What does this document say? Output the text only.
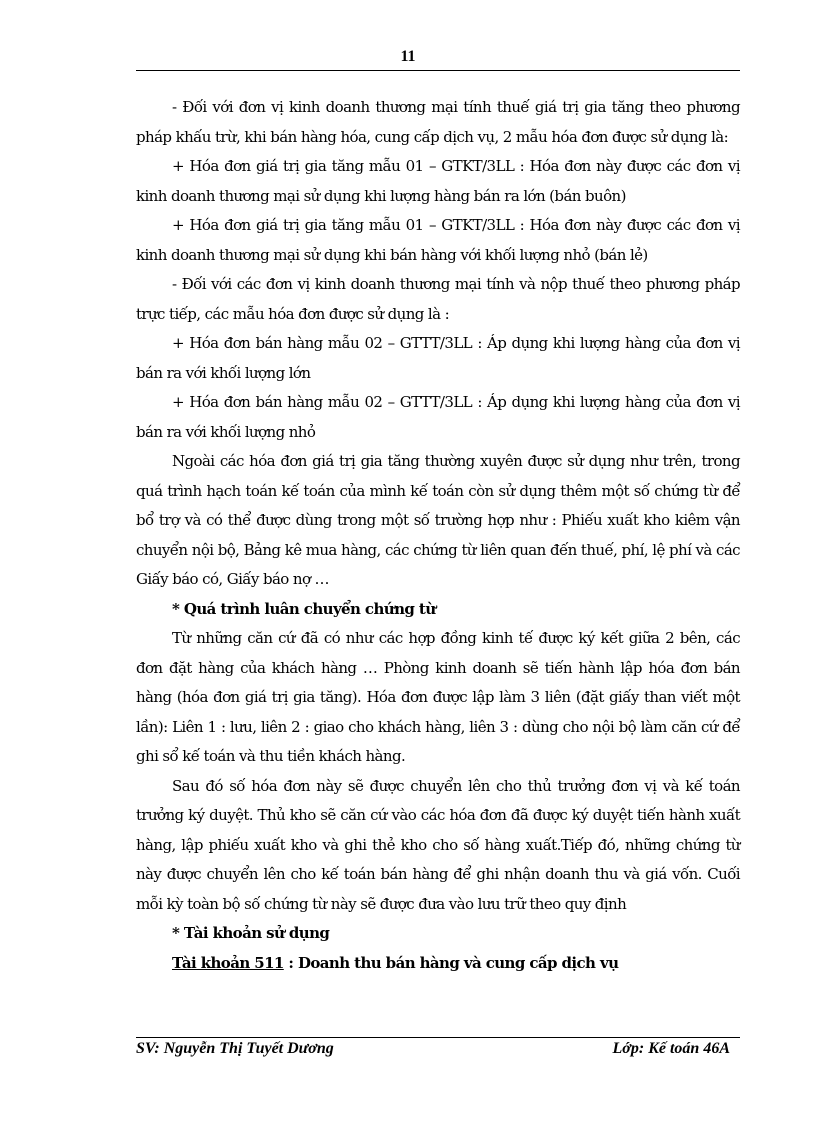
11

- Đối với đơn vị kinh doanh thương mại tính thuế giá trị gia tăng theo phương pháp khấu trừ, khi bán hàng hóa, cung cấp dịch vụ, 2 mẫu hóa đơn được sử dụng là:

+ Hóa đơn giá trị gia tăng mẫu 01 – GTKT/3LL : Hóa đơn này được các đơn vị kinh doanh thương mại sử dụng khi lượng hàng bán ra lớn (bán buôn)

+ Hóa đơn giá trị gia tăng mẫu 01 – GTKT/3LL : Hóa đơn này được các đơn vị kinh doanh thương mại sử dụng khi bán hàng với khối lượng nhỏ (bán lẻ)

- Đối với các đơn vị kinh doanh thương mại tính và nộp thuế theo phương pháp trực tiếp, các mẫu hóa đơn được sử dụng là :

+ Hóa đơn bán hàng mẫu 02 – GTTT/3LL : Áp dụng khi lượng hàng của đơn vị bán ra với khối lượng lớn

+ Hóa đơn bán hàng mẫu 02 – GTTT/3LL : Áp dụng khi lượng hàng của đơn vị bán ra với khối lượng nhỏ

Ngoài các hóa đơn giá trị gia tăng thường xuyên được sử dụng như trên, trong quá trình hạch toán kế toán của mình kế toán còn sử dụng thêm một số chứng từ để bổ trợ và có thể được dùng trong một số trường hợp như : Phiếu xuất kho kiêm vận chuyển nội bộ, Bảng kê mua hàng, các chứng từ liên quan đến thuế, phí, lệ phí và các Giấy báo có, Giấy báo nợ …

* Quá trình luân chuyển chứng từ

Từ những căn cứ đã có như các hợp đồng kinh tế được ký kết giữa 2 bên, các đơn đặt hàng của khách hàng … Phòng kinh doanh sẽ tiến hành lập hóa đơn bán hàng (hóa đơn giá trị gia tăng). Hóa đơn được lập làm 3 liên (đặt giấy than viết một lần): Liên 1 : lưu, liên 2 : giao cho khách hàng, liên 3 : dùng cho nội bộ làm căn cứ để ghi sổ kế toán và thu tiền khách hàng.

Sau đó số hóa đơn này sẽ được chuyển lên cho thủ trưởng đơn vị và kế toán trưởng ký duyệt. Thủ kho sẽ căn cứ vào các hóa đơn đã được ký duyệt tiến hành xuất hàng, lập phiếu xuất kho và ghi thẻ kho cho số hàng xuất.Tiếp đó, những chứng từ này được chuyển lên cho kế toán bán hàng để ghi nhận doanh thu và giá vốn. Cuối mỗi kỳ toàn bộ số chứng từ này sẽ được đưa vào lưu trữ theo quy định

* Tài khoản sử dụng

Tài khoản 511 : Doanh thu bán hàng và cung cấp dịch vụ

SV: Nguyễn Thị Tuyết Dương	Lớp: Kế toán 46A
